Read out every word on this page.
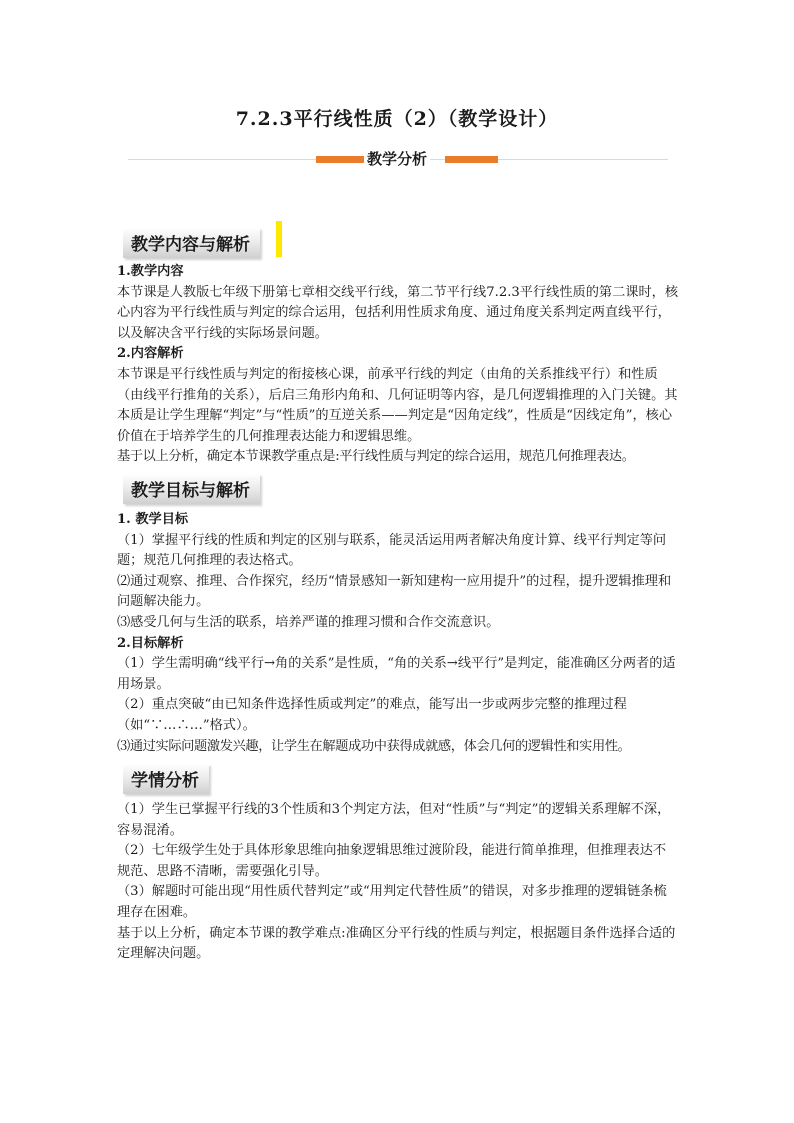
7.2.3平行线性质（2）（教学设计）
教学分析
教学内容与解析

1.教学内容

本节课是人教版七年级下册第七章相交线平行线，第二节平行线7.2.3平行线性质的第二课时，核心内容为平行线性质与判定的综合运用，包括利用性质求角度、通过角度关系判定两直线平行，以及解决含平行线的实际场景问题。

2.内容解析

本节课是平行线性质与判定的衔接核心课，前承平行线的判定（由角的关系推线平行）和性质（由线平行推角的关系），后启三角形内角和、几何证明等内容，是几何逻辑推理的入门关键。其本质是让学生理解“判定”与“性质”的互逆关系——判定是“因角定线”，性质是“因线定角”，核心价值在于培养学生的几何推理表达能力和逻辑思维。

基于以上分析，确定本节课教学重点是:平行线性质与判定的综合运用，规范几何推理表达。

教学目标与解析

1. 教学目标

（1）掌握平行线的性质和判定的区别与联系，能灵活运用两者解决角度计算、线平行判定等问题；规范几何推理的表达格式。

⑵通过观察、推理、合作探究，经历“情景感知一新知建构一应用提升”的过程，提升逻辑推理和问题解决能力。

⑶感受几何与生活的联系，培养严谨的推理习惯和合作交流意识。

2.目标解析

（1）学生需明确“线平行→角的关系”是性质，“角的关系→线平行”是判定，能准确区分两者的适用场景。

（2）重点突破“由已知条件选择性质或判定”的难点，能写出一步或两步完整的推理过程（如“∵…∴…”格式）。

⑶通过实际问题激发兴趣，让学生在解题成功中获得成就感，体会几何的逻辑性和实用性。

学情分析

（1）学生已掌握平行线的3个性质和3个判定方法，但对“性质”与“判定”的逻辑关系理解不深，容易混淆。

（2）七年级学生处于具体形象思维向抽象逻辑思维过渡阶段，能进行简单推理，但推理表达不规范、思路不清晰，需要强化引导。

（3）解题时可能出现“用性质代替判定”或“用判定代替性质”的错误，对多步推理的逻辑链条梳理存在困难。

基于以上分析，确定本节课的教学难点:准确区分平行线的性质与判定，根据题目条件选择合适的定理解决问题。
